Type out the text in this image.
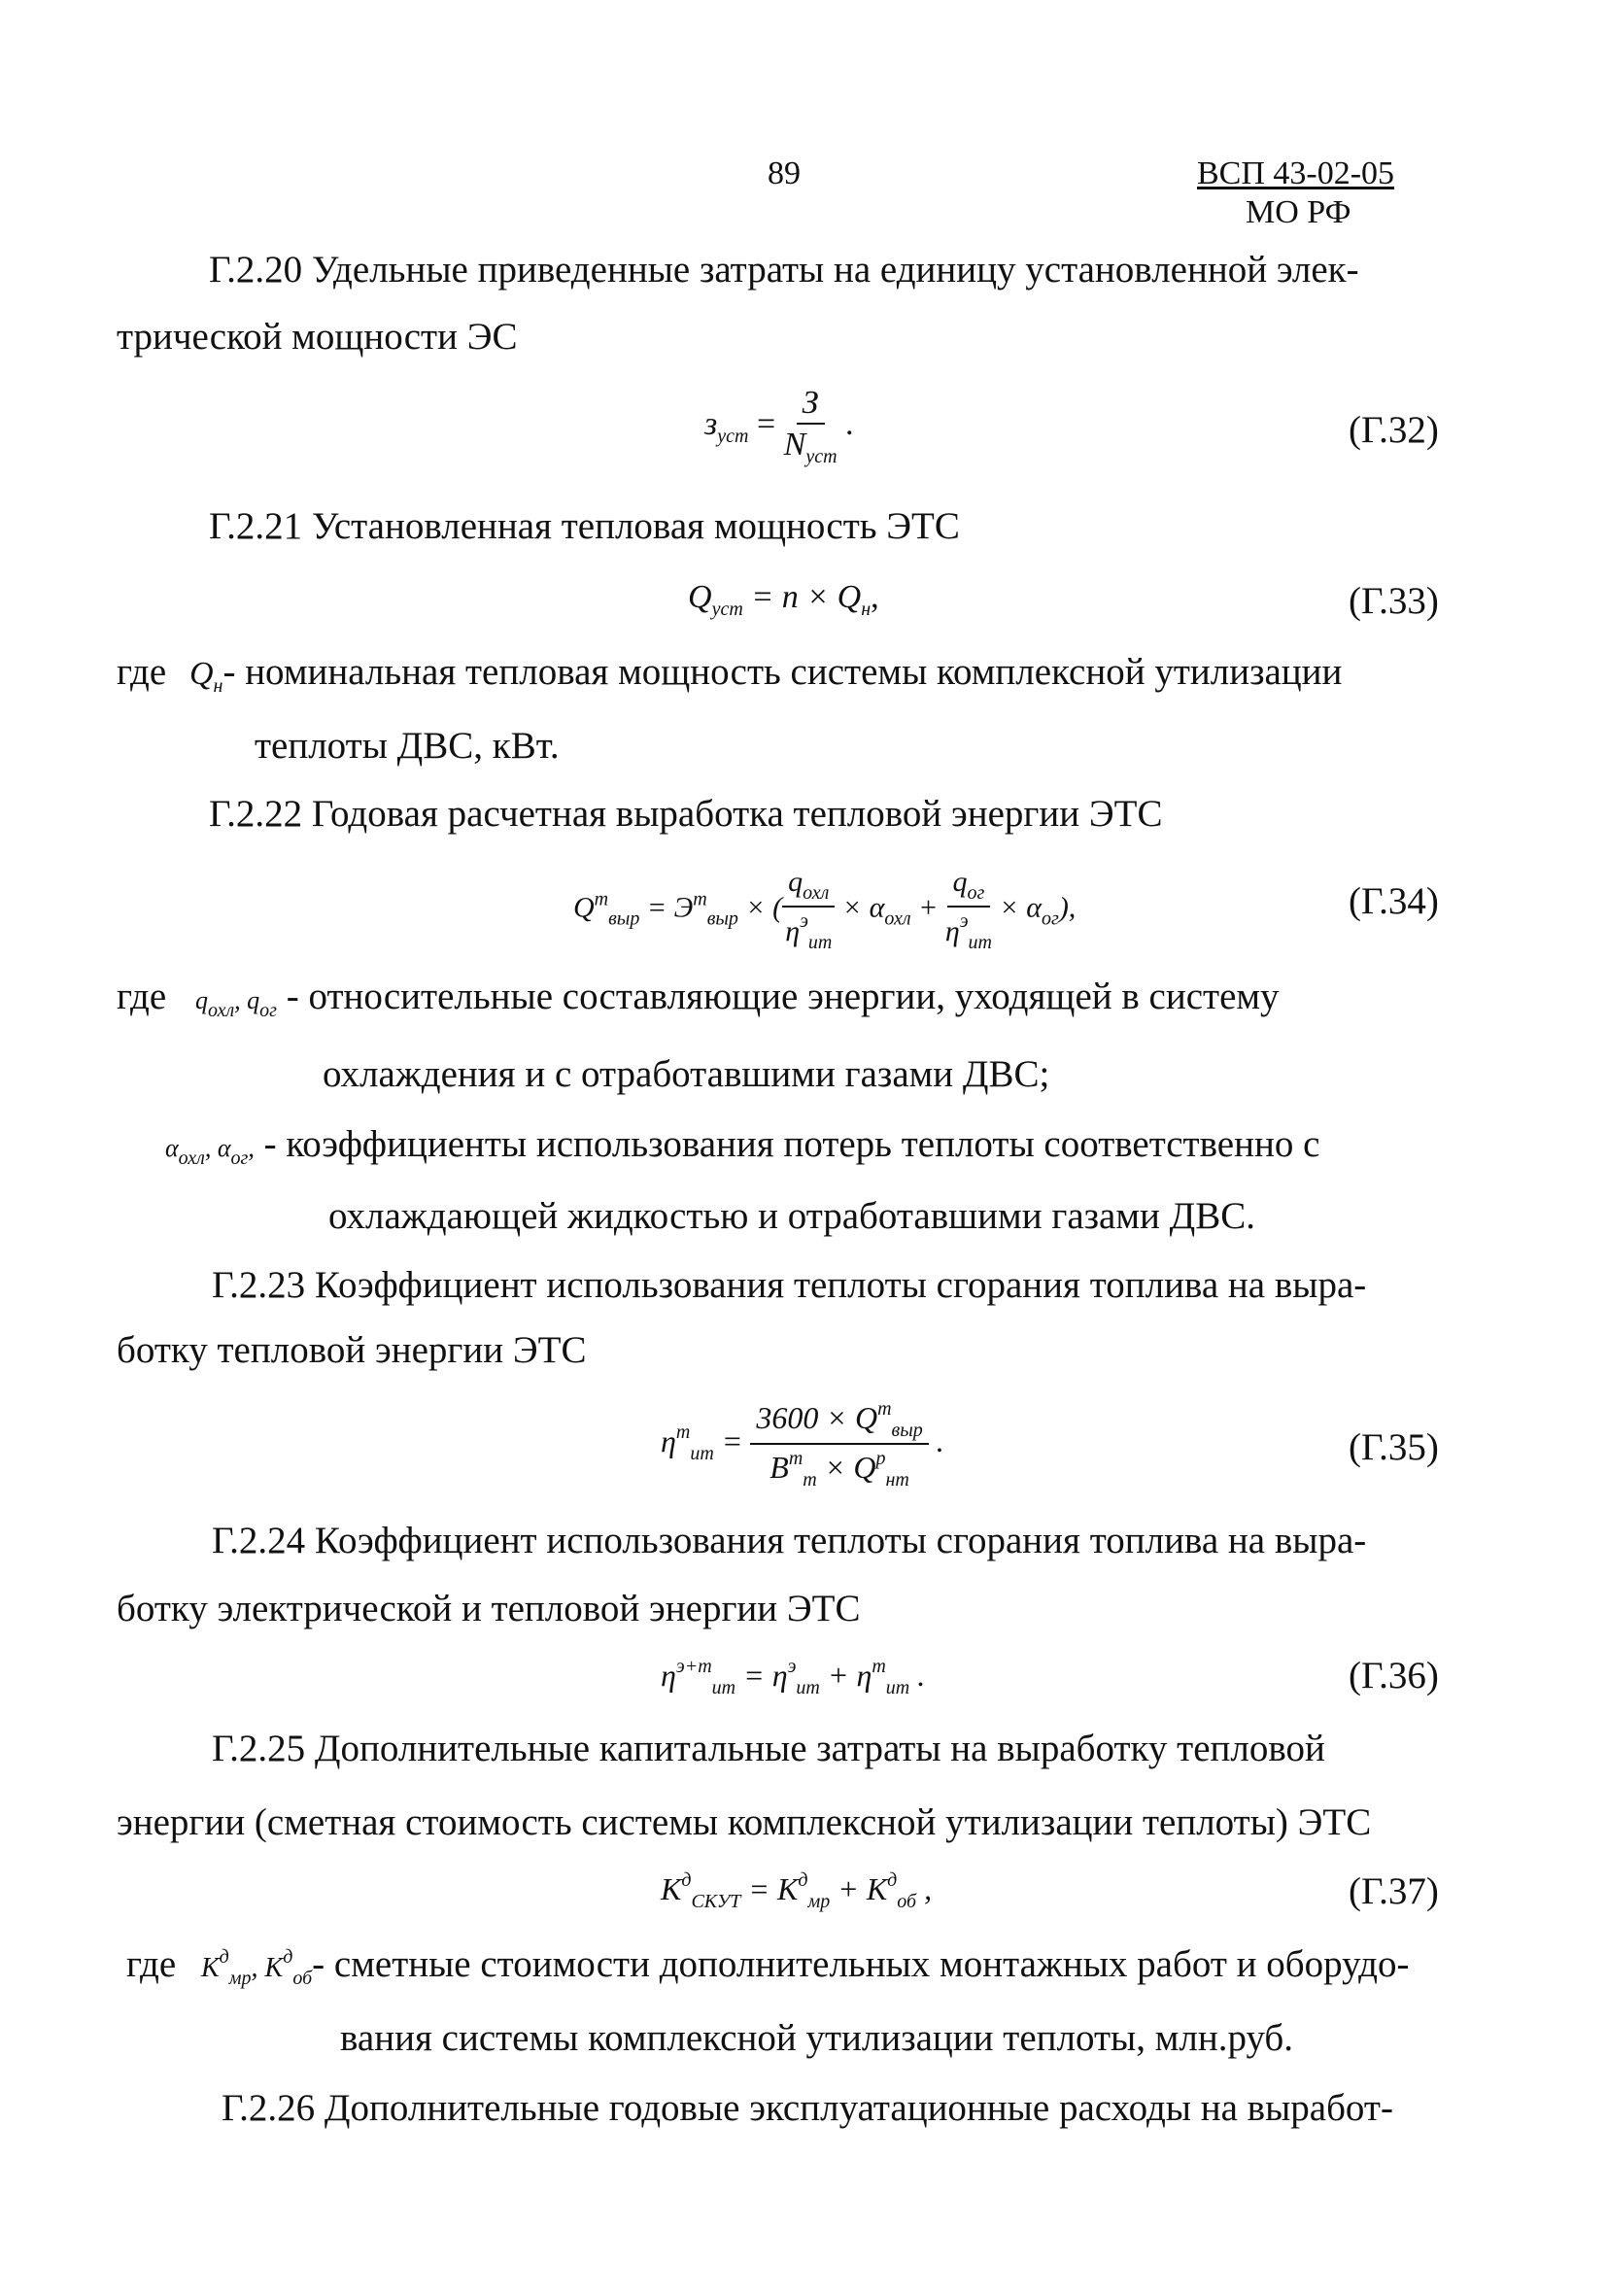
89	ВСП 43-02-05
МО РФ
Г.2.20 Удельные приведенные затраты на единицу установленной элек-
трической мощности ЭС
$з_{уст} = \frac{З}{N_{уст}}$ .	(Г.32)
Г.2.21 Установленная тепловая мощность ЭТС
$Q_{уст} = n \times Q_н$,	(Г.33)
где $Q_н-$ номинальная тепловая мощность системы комплексной утилизации
теплоты ДВС, кВт.
Г.2.22 Годовая расчетная выработка тепловой энергии ЭТС
$Q^т_{выр} = Э^т_{выр}$ × ( $\frac{q_{охл}}{\eta^э_{ит}} \times \alpha_{охл} + \frac{q_{ог}}{\eta^э_{ит}} \times \alpha_{ог}$),	(Г.34)
где $q_{охл}$, $q_{ог}$ - относительные составляющие энергии, уходящей в систему
охлаждения и с отработавшими газами ДВС;
$\alpha_{охл}$, $\alpha_{ог}$, - коэффициенты использования потерь теплоты соответственно с
охлаждающей жидкостью и отработавшими газами ДВС.
Г.2.23 Коэффициент использования теплоты сгорания топлива на выра-
ботку тепловой энергии ЭТС
$\eta^т_{ит} = \frac{3600 \times Q^т_{выр}}{B^т_т \times Q^р_{нт}}$ .	(Г.35)
Г.2.24 Коэффициент использования теплоты сгорания топлива на выра-
ботку электрической и тепловой энергии ЭТС
$\eta^{э+т}_{ит} = \eta^э_{ит} + \eta^т_{ит}$ .	(Г.36)
Г.2.25 Дополнительные капитальные затраты на выработку тепловой
энергии (сметная стоимость системы комплексной утилизации теплоты) ЭТС
$K^д_{СКУТ} = K^д_{мр} + K^д_{об}$ ,	(Г.37)
где $K^д_{мр}$, $K^д_{об}-$ сметные стоимости дополнительных монтажных работ и оборудо-
вания системы комплексной утилизации теплоты, млн.руб.
Г.2.26 Дополнительные годовые эксплуатационные расходы на выработ-
